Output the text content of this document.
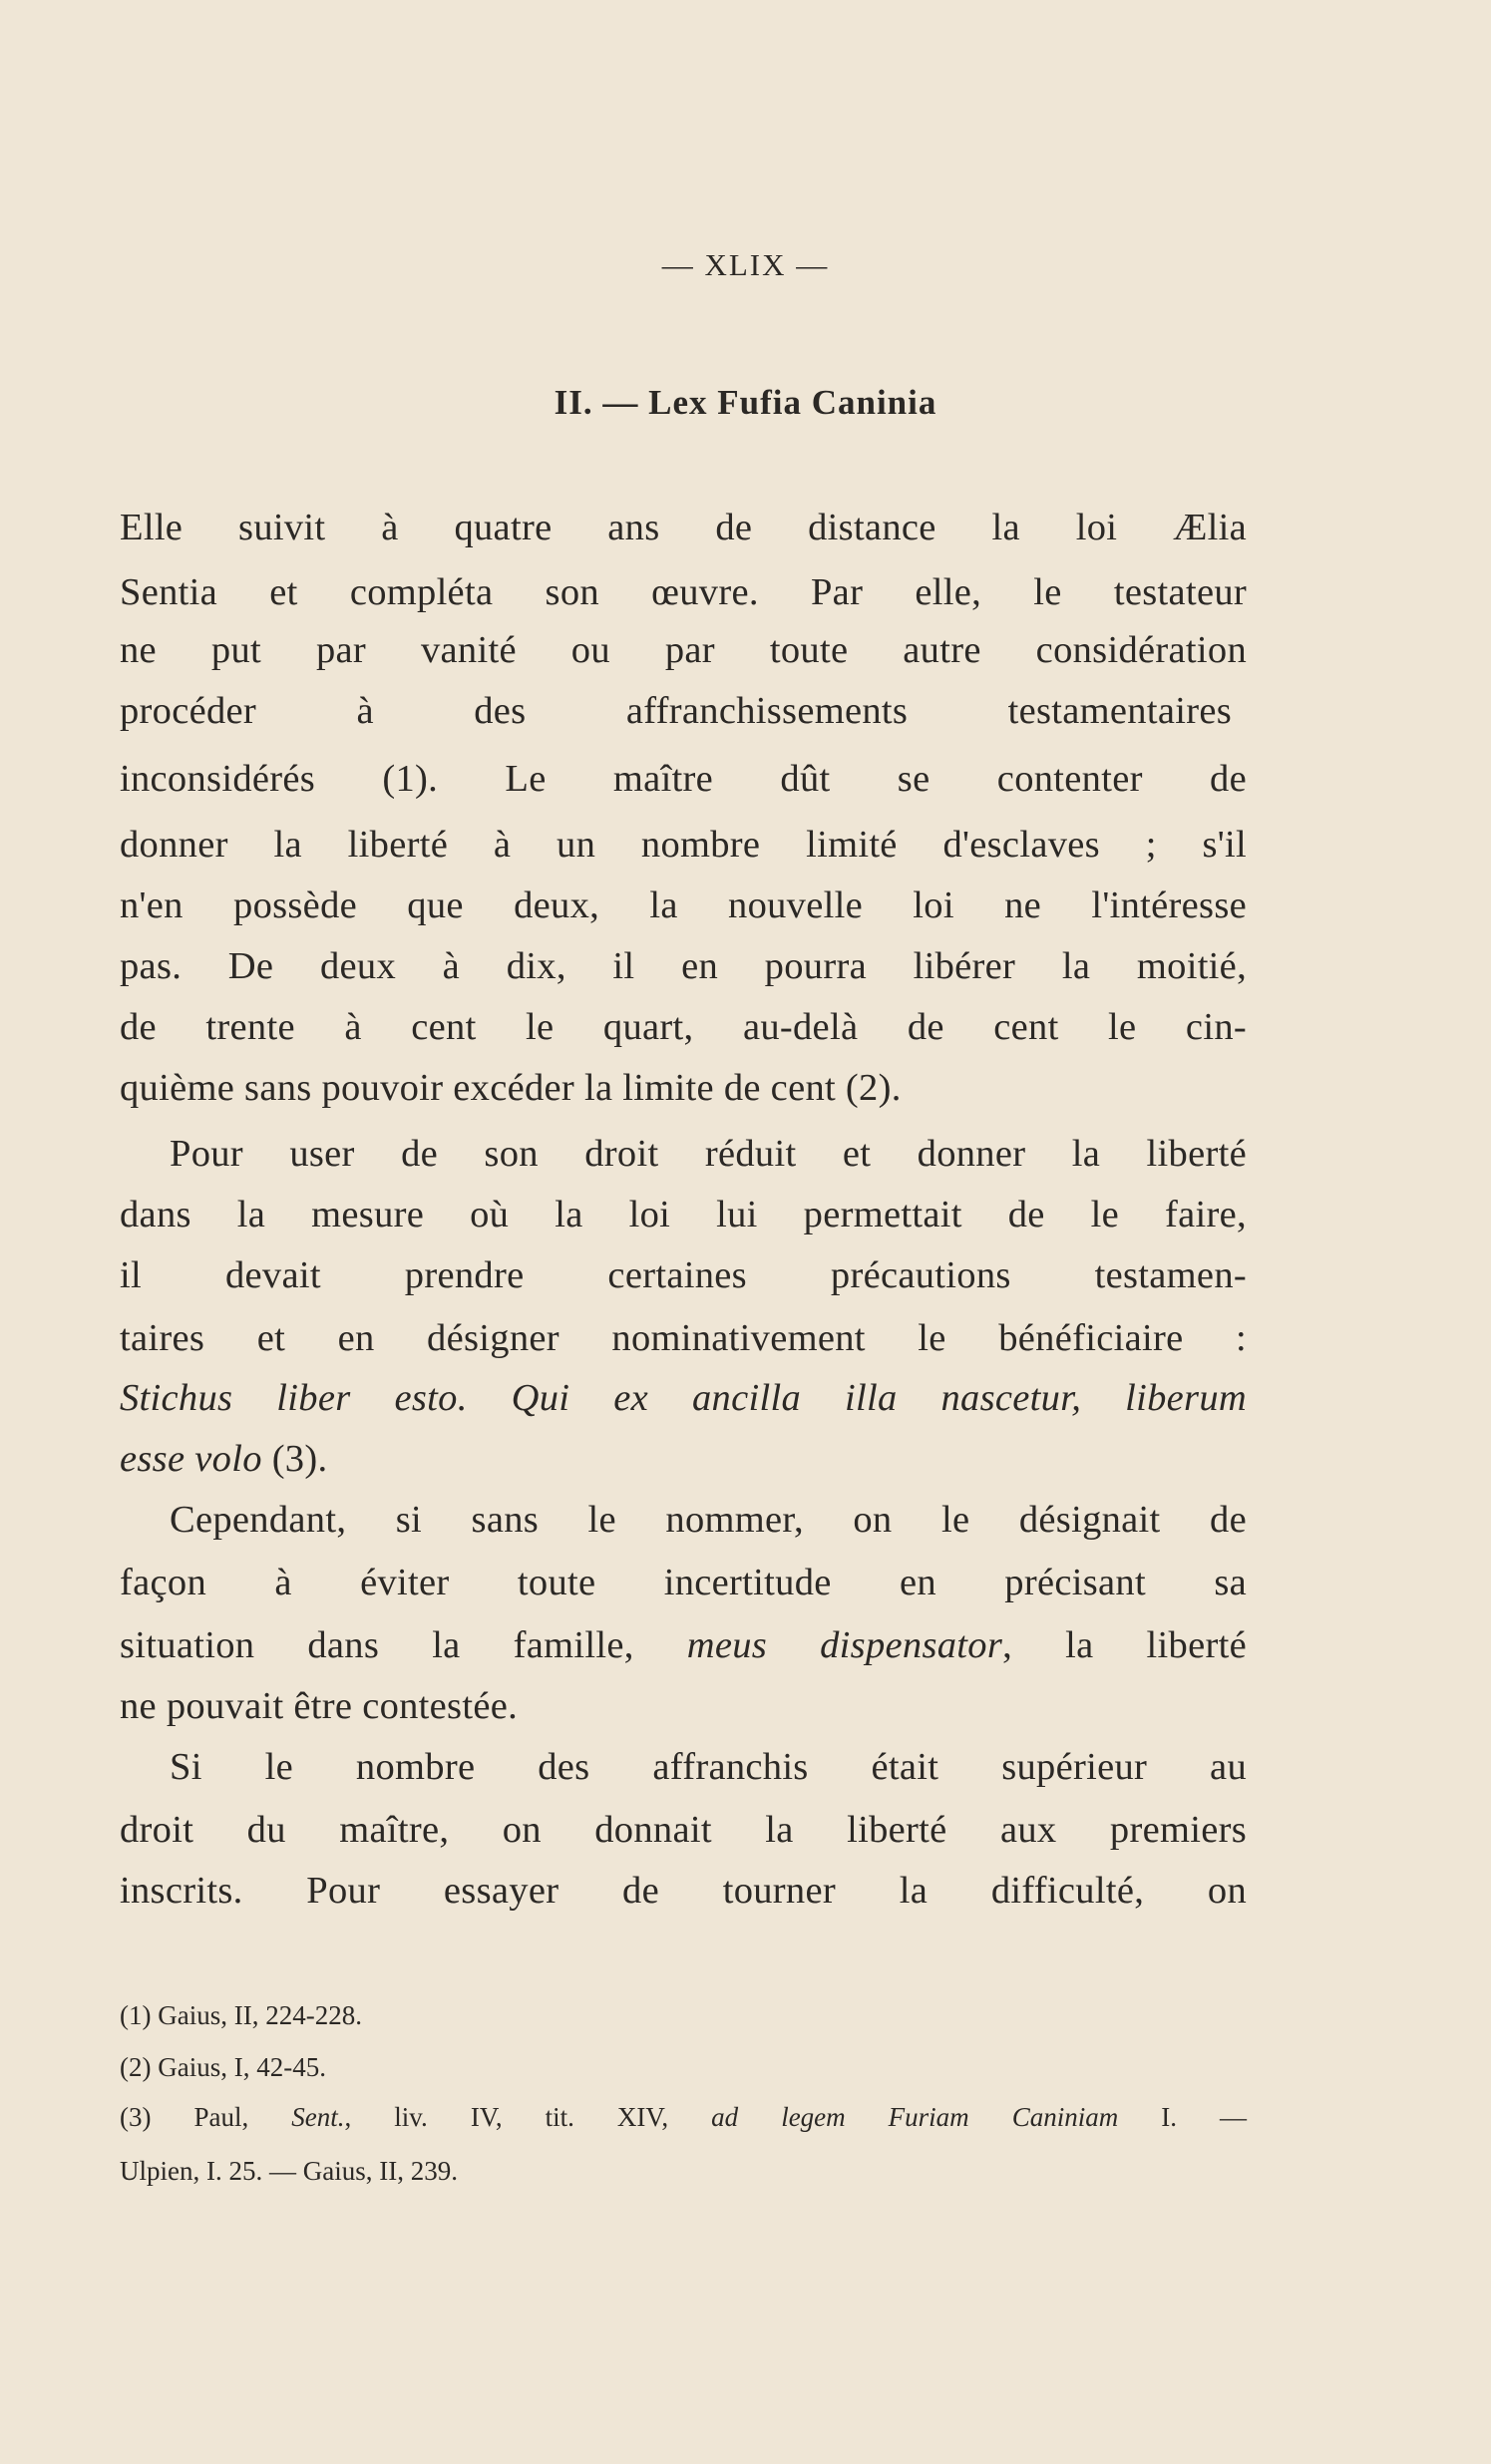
— XLIX —
II. — Lex Fufia Caninia
Elle suivit à quatre ans de distance la loi Ælia
Sentia et compléta son œuvre. Par elle, le testateur
ne put par vanité ou par toute autre considération
procéder à des affranchissements testamentaires
inconsidérés (1). Le maître dût se contenter de
donner la liberté à un nombre limité d'esclaves ; s'il
n'en possède que deux, la nouvelle loi ne l'intéresse
pas. De deux à dix, il en pourra libérer la moitié,
de trente à cent le quart, au-delà de cent le cin-
quième sans pouvoir excéder la limite de cent (2).
Pour user de son droit réduit et donner la liberté
dans la mesure où la loi lui permettait de le faire,
il devait prendre certaines précautions testamen-
taires et en désigner nominativement le bénéficiaire :
Stichus liber esto. Qui ex ancilla illa nascetur, liberum
esse volo (3).
Cependant, si sans le nommer, on le désignait de
façon à éviter toute incertitude en précisant sa
situation dans la famille, meus dispensator, la liberté
ne pouvait être contestée.
Si le nombre des affranchis était supérieur au
droit du maître, on donnait la liberté aux premiers
inscrits. Pour essayer de tourner la difficulté, on
(1) Gaius, II, 224-228.
(2) Gaius, I, 42-45.
(3) Paul, Sent., liv. IV, tit. XIV, ad legem Furiam Caniniam I. —
Ulpien, I. 25. — Gaius, II, 239.
